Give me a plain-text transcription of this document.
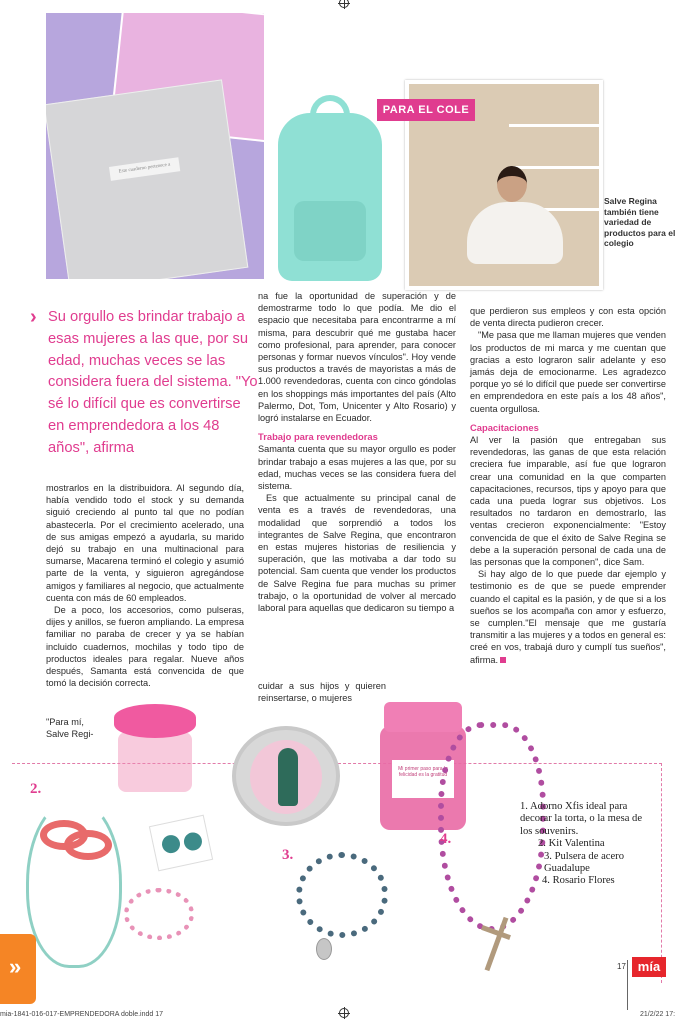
Este cuaderno pertenece a
PARA EL COLE
Salve Regina también tiene variedad de productos para el colegio
› Su orgullo es brindar trabajo a esas mujeres a las que, por su edad, muchas veces se las considera fuera del sistema. "Yo sé lo difícil que es convertirse en emprendedora a los 48 años", afirma

mostrarlos en la distribuidora. Al segundo día, había vendido todo el stock y su demanda siguió creciendo al punto tal que no podían abastecerla. Por el crecimiento acelerado, una de sus amigas empezó a ayudarla, su marido dejó su trabajo en una multinacional para sumarse, Macarena terminó el colegio y asumió parte de la venta, y siguieron agregándose amigos y familiares al negocio, que actualmente cuenta con más de 60 empleados.

De a poco, los accesorios, como pulseras, dijes y anillos, se fueron ampliando. La empresa familiar no paraba de crecer y ya se habían incluido cuadernos, mochilas y todo tipo de productos ideales para regalar. Nueve años después, Samanta está convencida de que tomó la decisión correcta.

"Para mí, Salve Regi-

na fue la oportunidad de superación y de demostrarme todo lo que podía. Me dio el espacio que necesitaba para encontrarme a mí misma, para descubrir qué me gustaba hacer como profesional, para aprender, para conocer personas y formar nuevos vínculos". Hoy vende sus productos a través de mayoristas a más de 1.000 revendedoras, cuenta con cinco góndolas en los shoppings más importantes del país (Alto Palermo, Dot, Tom, Unicenter y Alto Rosario) y logró instalarse en Ecuador.

Trabajo para revendedoras

Samanta cuenta que su mayor orgullo es poder brindar trabajo a esas mujeres a las que, por su edad, muchas veces se las considera fuera del sistema.

Es que actualmente su principal canal de venta es a través de revendedoras, una modalidad que sorprendió a todos los integrantes de Salve Regina, que encontraron en estas mujeres historias de resiliencia y superación, que las motivaba a dar todo su potencial. Sam cuenta que vender los productos de Salve Regina fue para muchas su primer trabajo, o la oportunidad de volver al mercado laboral para aquellas que dedicaron su tiempo a

cuidar a sus hijos y quieren reinsertarse, o mujeres

que perdieron sus empleos y con esta opción de venta directa pudieron crecer.

"Me pasa que me llaman mujeres que venden los productos de mi marca y me cuentan que gracias a esto lograron salir adelante y eso jamás deja de emocionarme. Les agradezco porque yo sé lo difícil que puede ser convertirse en emprendedora en este país a los 48 años", cuenta orgullosa.

Capacitaciones

Al ver la pasión que entregaban sus revendedoras, las ganas de que esta relación creciera fue imparable, así fue que lograron crear una comunidad en la que comparten capacitaciones, recursos, tips y apoyo para que cada una pueda lograr sus objetivos. Los resultados no tardaron en demostrarlo, las ventas crecieron exponencialmente: "Estoy convencida de que el éxito de Salve Regina se debe a la superación personal de cada una de las personas que la componen", dice Sam.

Si hay algo de lo que puede dar ejemplo y testimonio es de que se puede emprender cuando el capital es la pasión, y de que si a los sueños se los acompaña con amor y esfuerzo, se cumplen."El mensaje que me gustaría transmitir a las mujeres y a todos en general es: creé en vos, trabajá duro y cumplí tus sueños", afirma.

2.
3.
Mi primer paso para la felicidad es la gratitud
4.
1. Adorno Xfis ideal para decorar la torta, o la mesa de los souvenirs.
2. Kit Valentina
3. Pulsera de acero Guadalupe
4. Rosario Flores
»	17 mía
mia-1841-016-017-EMPRENDEDORA doble.indd 17	21/2/22 17:
